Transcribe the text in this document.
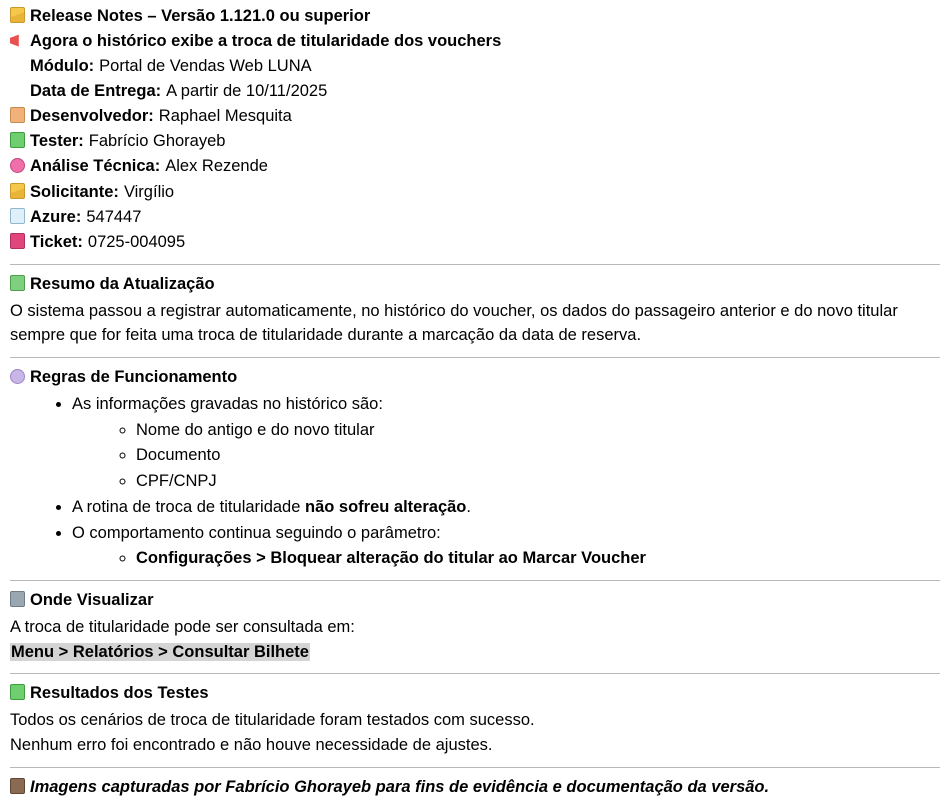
Release Notes – Versão 1.121.0 ou superior
Agora o histórico exibe a troca de titularidade dos vouchers
Módulo: Portal de Vendas Web LUNA
Data de Entrega: A partir de 10/11/2025
Desenvolvedor: Raphael Mesquita
Tester: Fabrício Ghorayeb
Análise Técnica: Alex Rezende
Solicitante: Virgílio
Azure: 547447
Ticket: 0725-004095
Resumo da Atualização
O sistema passou a registrar automaticamente, no histórico do voucher, os dados do passageiro anterior e do novo titular sempre que for feita uma troca de titularidade durante a marcação da data de reserva.
Regras de Funcionamento
• As informações gravadas no histórico são:
◦ Nome do antigo e do novo titular
◦ Documento
◦ CPF/CNPJ
• A rotina de troca de titularidade não sofreu alteração.
• O comportamento continua seguindo o parâmetro:
◦ Configurações > Bloquear alteração do titular ao Marcar Voucher
Onde Visualizar
A troca de titularidade pode ser consultada em:
Menu > Relatórios > Consultar Bilhete
Resultados dos Testes
Todos os cenários de troca de titularidade foram testados com sucesso.
Nenhum erro foi encontrado e não houve necessidade de ajustes.
Imagens capturadas por Fabrício Ghorayeb para fins de evidência e documentação da versão.
